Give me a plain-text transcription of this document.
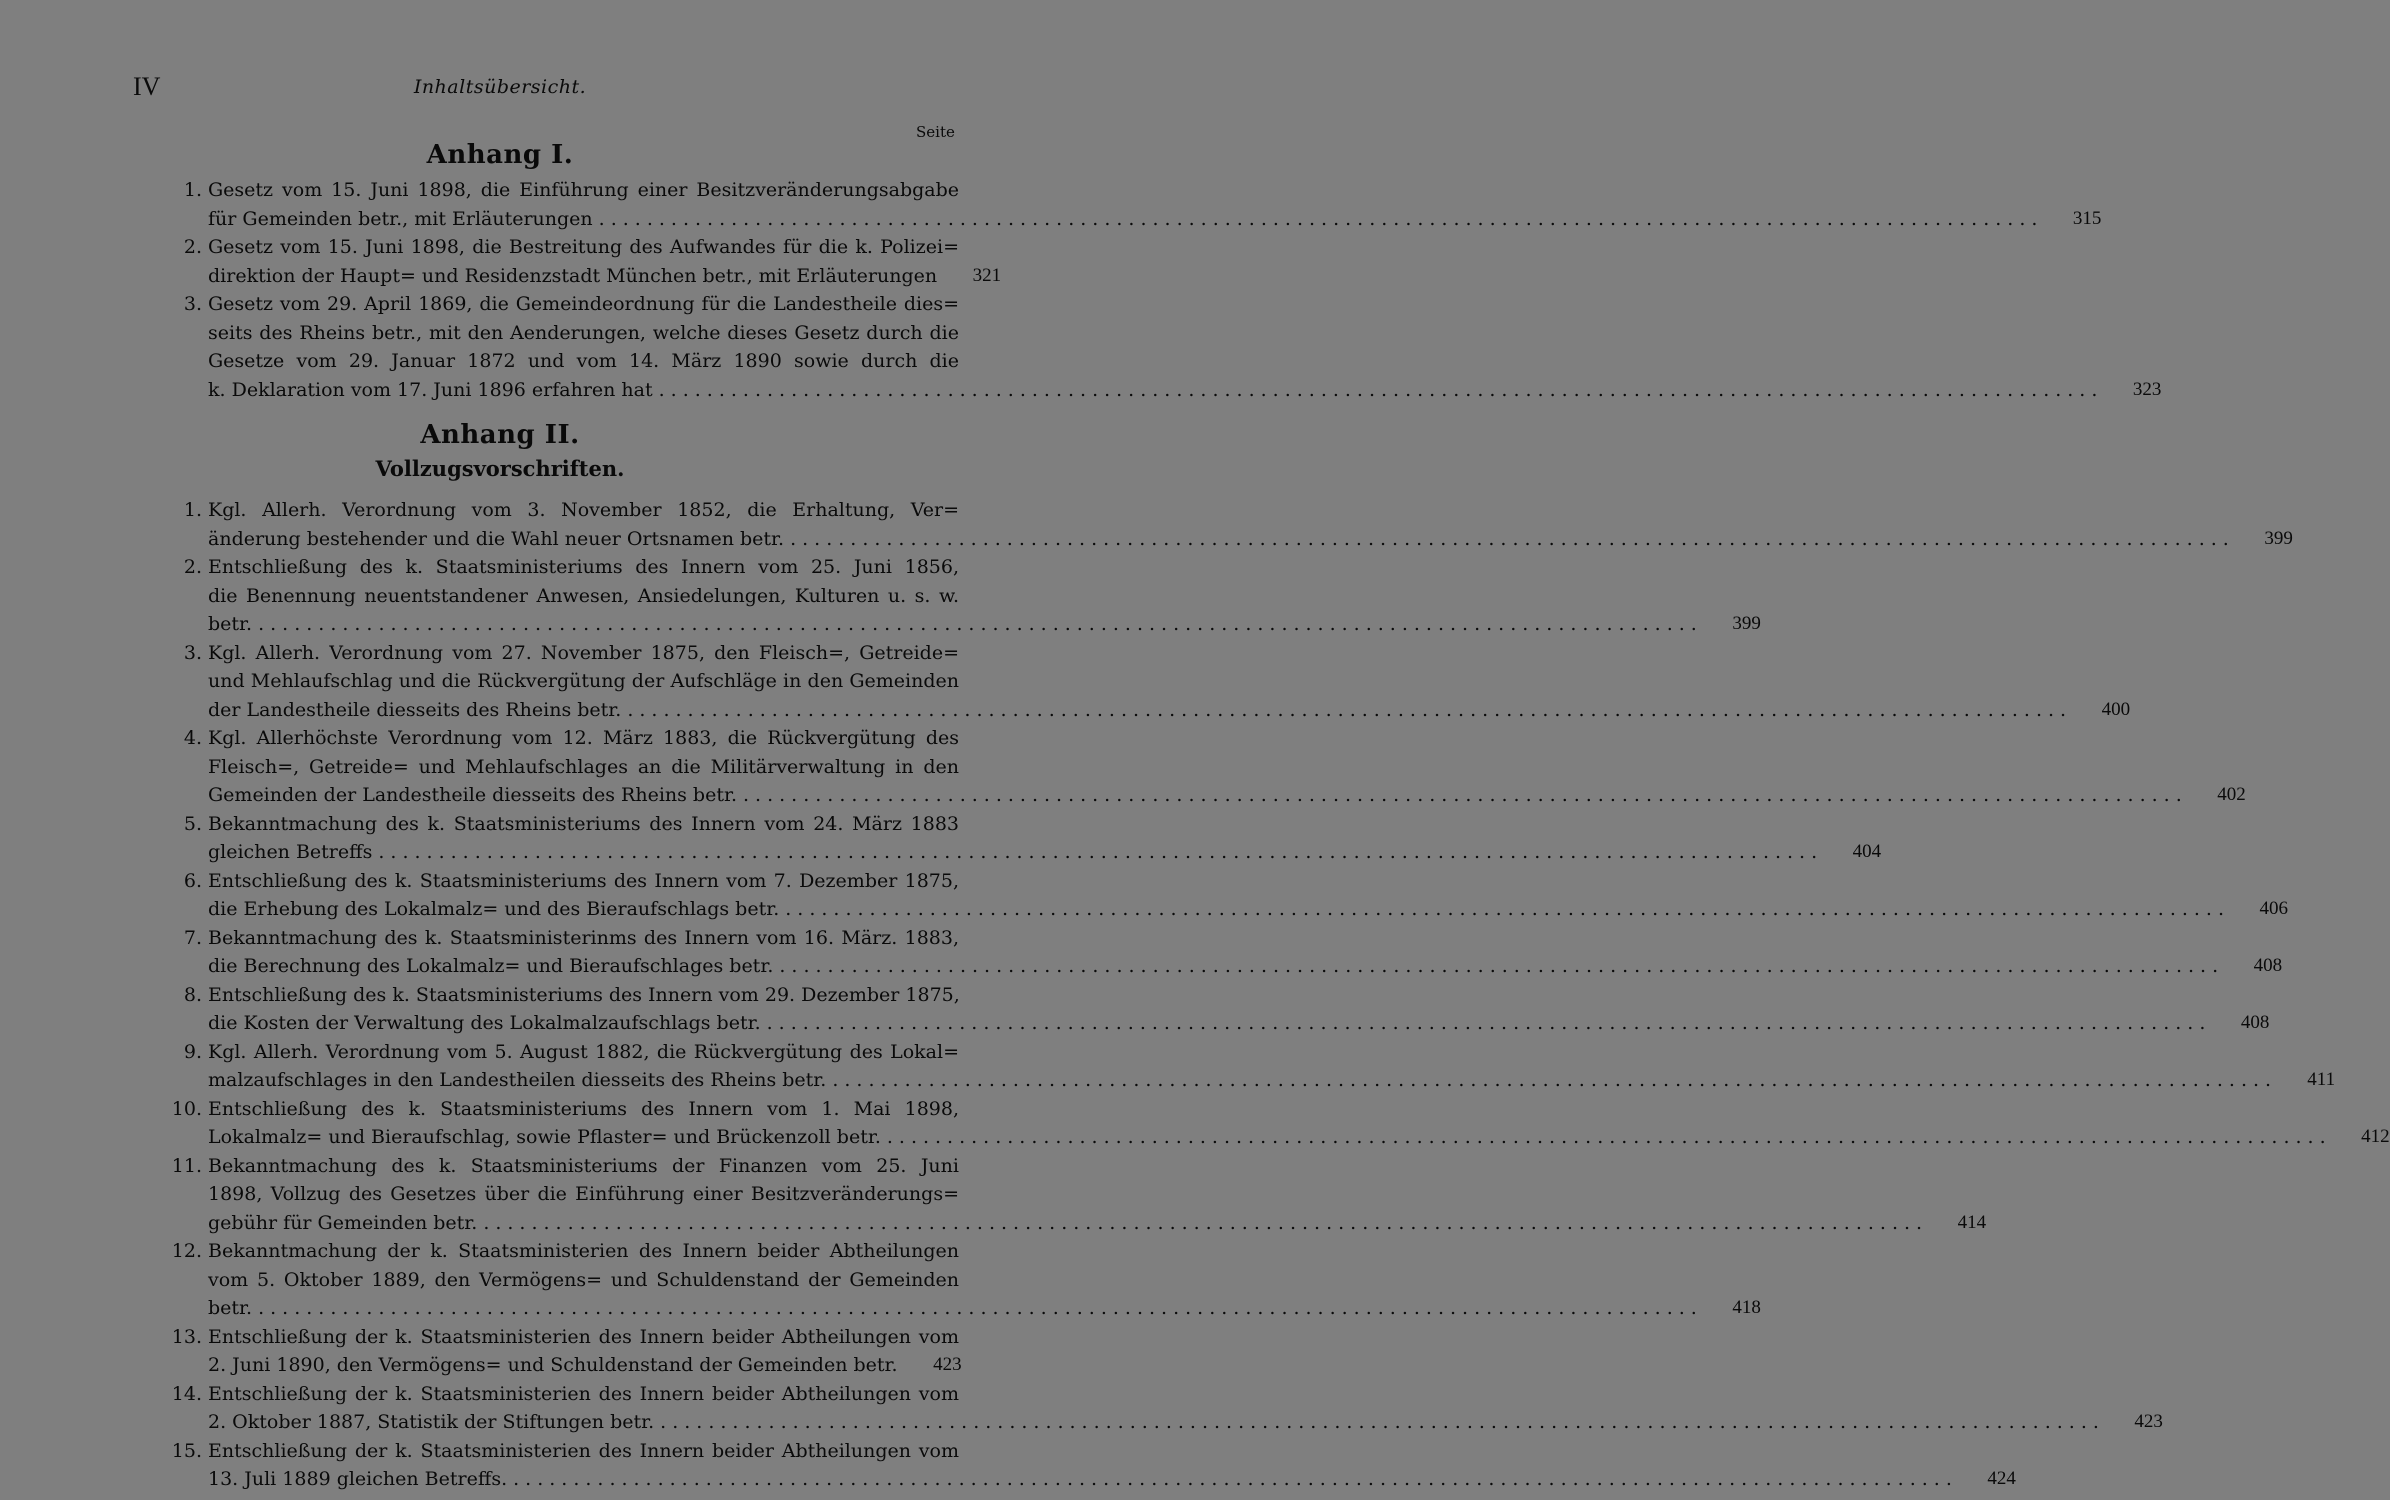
IV	Inhaltsübersicht.
Seite
Anhang I.
1. Gesetz vom 15. Juni 1898, die Einführung einer Besitzveränderungsabgabe
für Gemeinden betr., mit Erläuterungen ........................................................................................................................	315
2. Gesetz vom 15. Juni 1898, die Bestreitung des Aufwandes für die k. Polizei=
direktion der Haupt= und Residenzstadt München betr., mit Erläuterungen	321
3. Gesetz vom 29. April 1869, die Gemeindeordnung für die Landestheile dies=
seits des Rheins betr., mit den Aenderungen, welche dieses Gesetz durch die
Gesetze vom 29. Januar 1872 und vom 14. März 1890 sowie durch die
k. Deklaration vom 17. Juni 1896 erfahren hat ........................................................................................................................	323
Anhang II.
Vollzugsvorschriften.
1. Kgl. Allerh. Verordnung vom 3. November 1852, die Erhaltung, Ver=
änderung bestehender und die Wahl neuer Ortsnamen betr. ........................................................................................................................	399
2. Entschließung des k. Staatsministeriums des Innern vom 25. Juni 1856,
die Benennung neuentstandener Anwesen, Ansiedelungen, Kulturen u. s. w.
betr. ........................................................................................................................	399
3. Kgl. Allerh. Verordnung vom 27. November 1875, den Fleisch=, Getreide=
und Mehlaufschlag und die Rückvergütung der Aufschläge in den Gemeinden
der Landestheile diesseits des Rheins betr. ........................................................................................................................	400
4. Kgl. Allerhöchste Verordnung vom 12. März 1883, die Rückvergütung des
Fleisch=, Getreide= und Mehlaufschlages an die Militärverwaltung in den
Gemeinden der Landestheile diesseits des Rheins betr. ........................................................................................................................	402
5. Bekanntmachung des k. Staatsministeriums des Innern vom 24. März 1883
gleichen Betreffs ........................................................................................................................	404
6. Entschließung des k. Staatsministeriums des Innern vom 7. Dezember 1875,
die Erhebung des Lokalmalz= und des Bieraufschlags betr. ........................................................................................................................	406
7. Bekanntmachung des k. Staatsministerinms des Innern vom 16. März. 1883,
die Berechnung des Lokalmalz= und Bieraufschlages betr. ........................................................................................................................	408
8. Entschließung des k. Staatsministeriums des Innern vom 29. Dezember 1875,
die Kosten der Verwaltung des Lokalmalzaufschlags betr. ........................................................................................................................	408
9. Kgl. Allerh. Verordnung vom 5. August 1882, die Rückvergütung des Lokal=
malzaufschlages in den Landestheilen diesseits des Rheins betr. ........................................................................................................................	411
10. Entschließung des k. Staatsministeriums des Innern vom 1. Mai 1898,
Lokalmalz= und Bieraufschlag, sowie Pflaster= und Brückenzoll betr. ........................................................................................................................	412
11. Bekanntmachung des k. Staatsministeriums der Finanzen vom 25. Juni
1898, Vollzug des Gesetzes über die Einführung einer Besitzveränderungs=
gebühr für Gemeinden betr. ........................................................................................................................	414
12. Bekanntmachung der k. Staatsministerien des Innern beider Abtheilungen
vom 5. Oktober 1889, den Vermögens= und Schuldenstand der Gemeinden
betr. ........................................................................................................................	418
13. Entschließung der k. Staatsministerien des Innern beider Abtheilungen vom
2. Juni 1890, den Vermögens= und Schuldenstand der Gemeinden betr.	423
14. Entschließung der k. Staatsministerien des Innern beider Abtheilungen vom
2. Oktober 1887, Statistik der Stiftungen betr. ........................................................................................................................	423
15. Entschließung der k. Staatsministerien des Innern beider Abtheilungen vom
13. Juli 1889 gleichen Betreffs. ........................................................................................................................	424
